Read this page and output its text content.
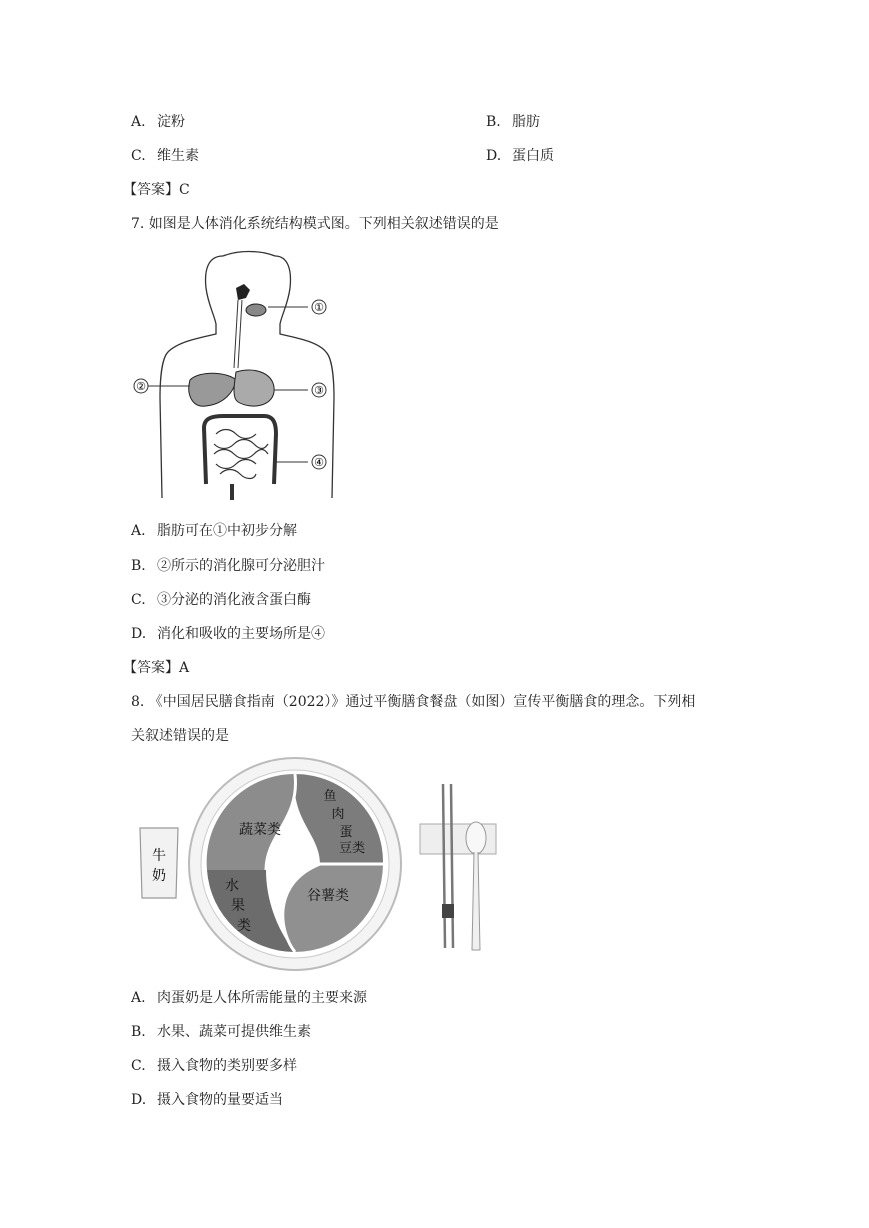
A. 淀粉	B. 脂肪
C. 维生素	D. 蛋白质
【答案】C
7. 如图是人体消化系统结构模式图。下列相关叙述错误的是
①
②	③
④
A. 脂肪可在①中初步分解
B. ②所示的消化腺可分泌胆汁
C. ③分泌的消化液含蛋白酶
D. 消化和吸收的主要场所是④
【答案】A
8. 《中国居民膳食指南（2022）》通过平衡膳食餐盘（如图）宣传平衡膳食的理念。下列相
关叙述错误的是
牛
奶
蔬菜类
鱼
肉
蛋
豆类
水
果
类
谷薯类
A. 肉蛋奶是人体所需能量的主要来源
B. 水果、蔬菜可提供维生素
C. 摄入食物的类别要多样
D. 摄入食物的量要适当
